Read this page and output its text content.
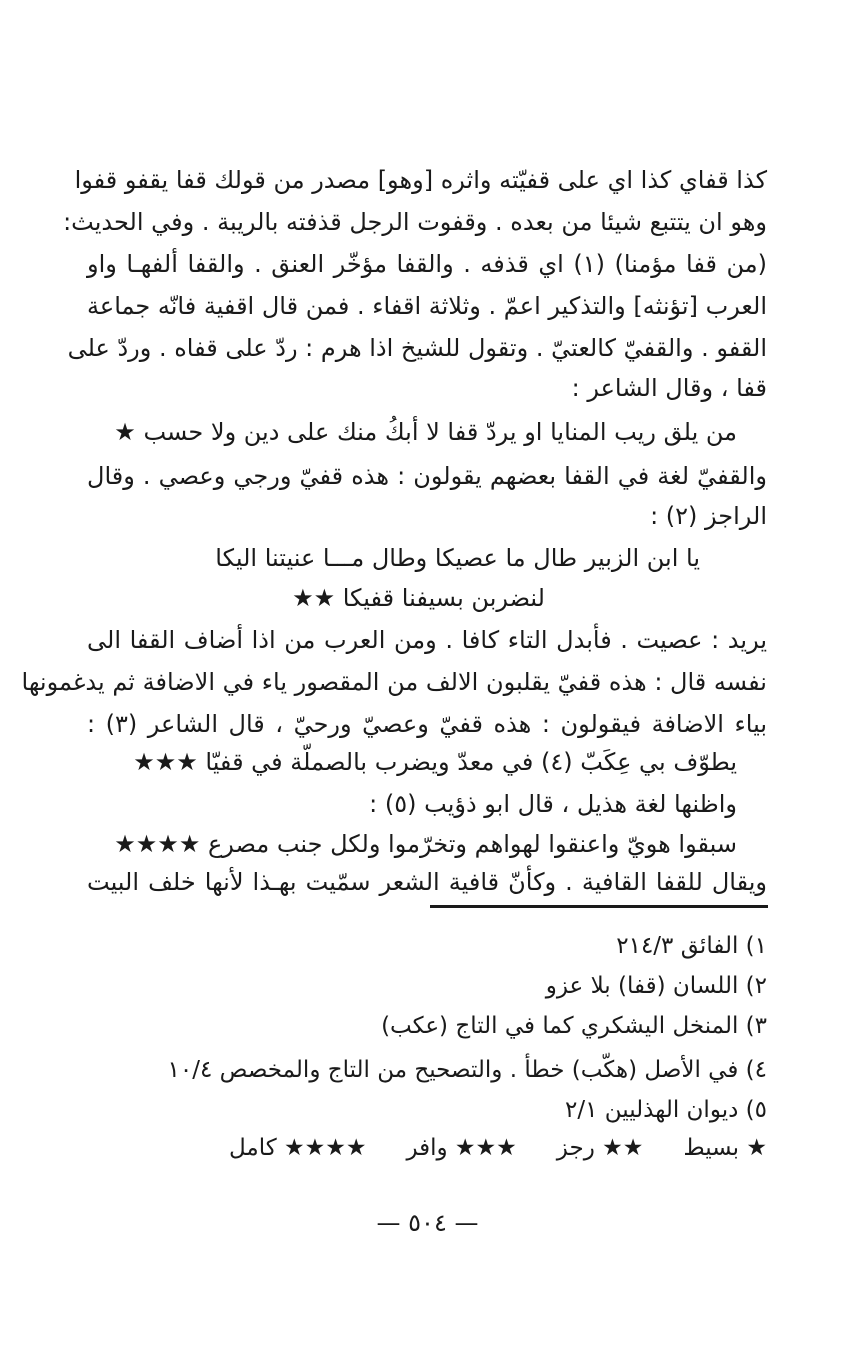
كذا قفاي كذا اي على قفيّته واثره [وهو] مصدر من قولك قفا يقفو قفوا
وهو ان يتتبع شيئا من بعده . وقفوت الرجل قذفته بالريبة . وفي الحديث:
(من قفا مؤمنا) (١) اي قذفه . والقفا مؤخّر العنق . والقفا ألفهـا واو
العرب [تؤنثه] والتذكير اعمّ . وثلاثة اقفاء . فمن قال اقفية فانّه جماعة
القفو . والقفيّ كالعتيّ . وتقول للشيخ اذا هرم : ردّ على قفاه . وردّ على
قفا ، وقال الشاعر :
من يلق ريب المنايا او يردّ قفا لا أبكُ منك على دين ولا حسب ★
والقفيّ لغة في القفا بعضهم يقولون : هذه قفيّ ورجي وعصي . وقال
الراجز (٢) :
يا ابن الزبير طال ما عصيكا وطال مـــا عنيتنا اليكا
لنضربن بسيفنا قفيكا ★★
يريد : عصيت . فأبدل التاء كافا . ومن العرب من اذا أضاف القفا الى
نفسه قال : هذه قفيّ يقلبون الالف من المقصور ياء في الاضافة ثم يدغمونها
بياء الاضافة فيقولون : هذه قفيّ وعصيّ ورحيّ ، قال الشاعر (٣) :
يطوّف بي عِكَبّ (٤) في معدّ ويضرب بالصملّة في قفيّا ★★★
واظنها لغة هذيل ، قال ابو ذؤيب (٥) :
سبقوا هويّ واعنقوا لهواهم وتخرّموا ولكل جنب مصرع ★★★★
ويقال للقفا القافية . وكأنّ قافية الشعر سمّيت بهـذا لأنها خلف البيت
١) الفائق ٢١٤/٣
٢) اللسان (قفا) بلا عزو
٣) المنخل اليشكري كما في التاج (عكب)
٤) في الأصل (هكّب) خطأ . والتصحيح من التاج والمخصص ١٠/٤
٥) ديوان الهذليين ٢/١
★ بسيط
★★ رجز
★★★ وافر
★★★★ كامل
— ٥٠٤ —
